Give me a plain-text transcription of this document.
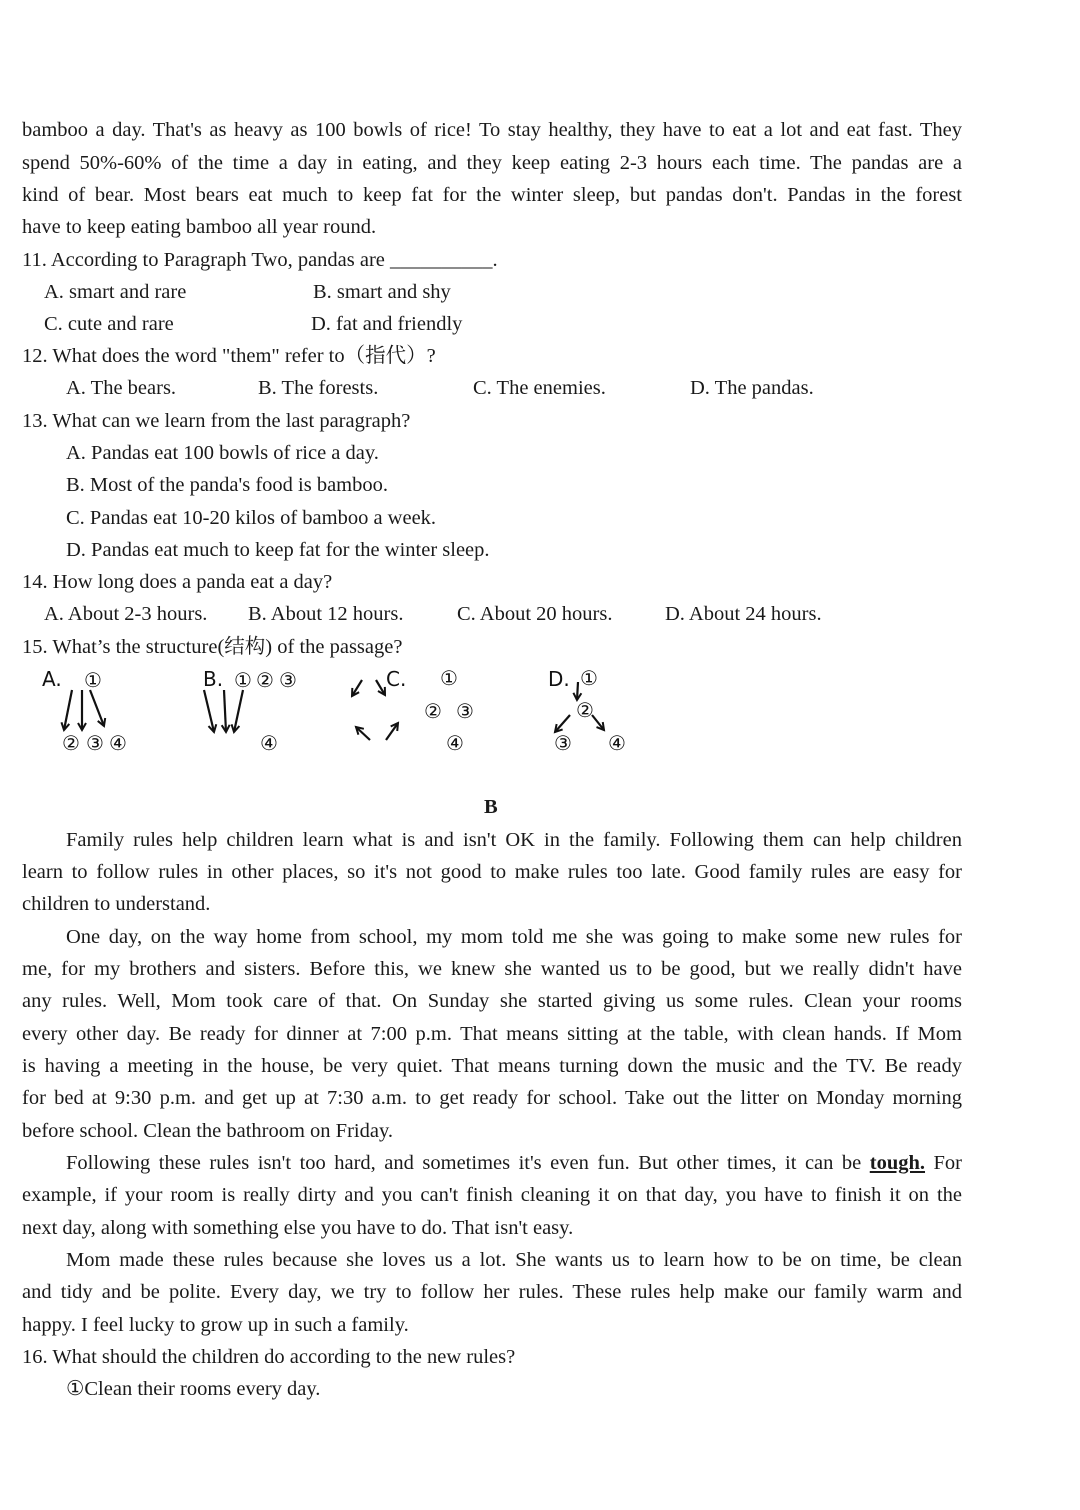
bamboo a day. That's as heavy as 100 bowls of rice! To stay healthy, they have to eat a lot and eat fast. They
spend 50%-60% of the time a day in eating, and they keep eating 2-3 hours each time. The pandas are a
kind of bear. Most bears eat much to keep fat for the winter sleep, but pandas don't. Pandas in the forest
have to keep eating bamboo all year round.
11. According to Paragraph Two, pandas are __________.
A. smart and rare	B. smart and shy
C. cute and rare	D. fat and friendly
12. What does the word "them" refer to（指代）?
A. The bears.	B. The forests.	C. The enemies.	D. The pandas.
13. What can we learn from the last paragraph?
A. Pandas eat 100 bowls of rice a day.
B. Most of the panda's food is bamboo.
C. Pandas eat 10-20 kilos of bamboo a week.
D. Pandas eat much to keep fat for the winter sleep.
14. How long does a panda eat a day?
A. About 2-3 hours. B. About 12 hours.	C. About 20 hours.	D. About 24 hours.
15. What’s the structure(结构) of the passage?
A. ①
② ③ ④
B. ① ② ③
④
C. ①
② ③
④
D. ①
②
③ ④
B
Family rules help children learn what is and isn't OK in the family. Following them can help children
learn to follow rules in other places, so it's not good to make rules too late. Good family rules are easy for
children to understand.
One day, on the way home from school, my mom told me she was going to make some new rules for
me, for my brothers and sisters. Before this, we knew she wanted us to be good, but we really didn't have
any rules. Well, Mom took care of that. On Sunday she started giving us some rules. Clean your rooms
every other day. Be ready for dinner at 7:00 p.m. That means sitting at the table, with clean hands. If Mom
is having a meeting in the house, be very quiet. That means turning down the music and the TV. Be ready
for bed at 9:30 p.m. and get up at 7:30 a.m. to get ready for school. Take out the litter on Monday morning
before school. Clean the bathroom on Friday.
Following these rules isn't too hard, and sometimes it's even fun. But other times, it can be tough. For
example, if your room is really dirty and you can't finish cleaning it on that day, you have to finish it on the
next day, along with something else you have to do. That isn't easy.
Mom made these rules because she loves us a lot. She wants us to learn how to be on time, be clean
and tidy and be polite. Every day, we try to follow her rules. These rules help make our family warm and
happy. I feel lucky to grow up in such a family.
16. What should the children do according to the new rules?
①Clean their rooms every day.
